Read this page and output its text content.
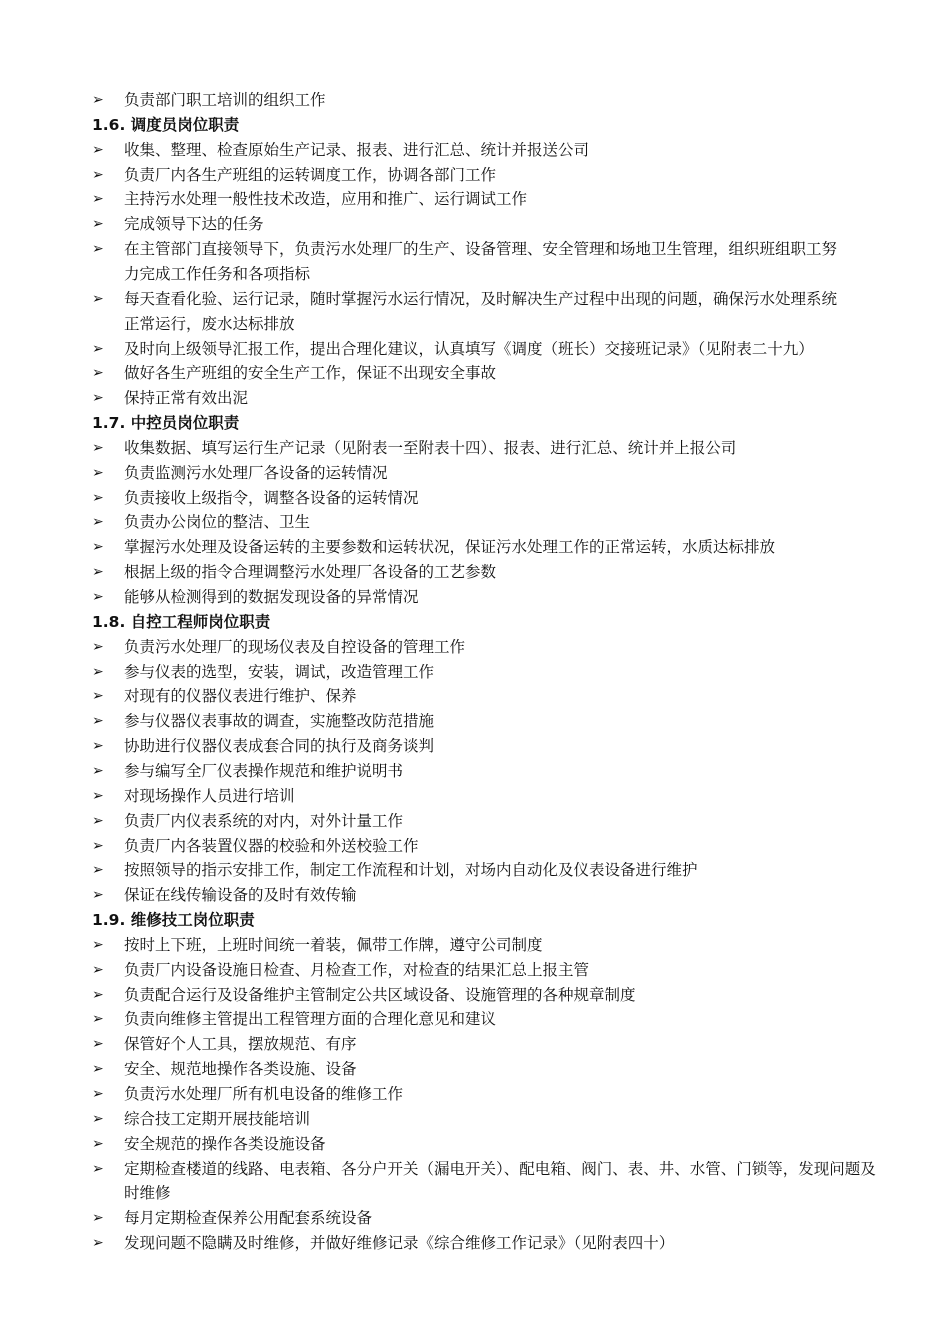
➢	负责部门职工培训的组织工作
1.6. 调度员岗位职责
➢	收集、整理、检查原始生产记录、报表、进行汇总、统计并报送公司
➢	负责厂内各生产班组的运转调度工作，协调各部门工作
➢	主持污水处理一般性技术改造，应用和推广、运行调试工作
➢	完成领导下达的任务
➢	在主管部门直接领导下，负责污水处理厂的生产、设备管理、安全管理和场地卫生管理，组织班组职工努
力完成工作任务和各项指标
➢	每天查看化验、运行记录，随时掌握污水运行情况，及时解决生产过程中出现的问题，确保污水处理系统
正常运行，废水达标排放
➢	及时向上级领导汇报工作，提出合理化建议，认真填写《调度（班长）交接班记录》（见附表二十九）
➢	做好各生产班组的安全生产工作，保证不出现安全事故
➢	保持正常有效出泥
1.7. 中控员岗位职责
➢	收集数据、填写运行生产记录（见附表一至附表十四）、报表、进行汇总、统计并上报公司
➢	负责监测污水处理厂各设备的运转情况
➢	负责接收上级指令，调整各设备的运转情况
➢	负责办公岗位的整洁、卫生
➢	掌握污水处理及设备运转的主要参数和运转状况，保证污水处理工作的正常运转，水质达标排放
➢	根据上级的指令合理调整污水处理厂各设备的工艺参数
➢	能够从检测得到的数据发现设备的异常情况
1.8. 自控工程师岗位职责
➢	负责污水处理厂的现场仪表及自控设备的管理工作
➢	参与仪表的选型，安装，调试，改造管理工作
➢	对现有的仪器仪表进行维护、保养
➢	参与仪器仪表事故的调查，实施整改防范措施
➢	协助进行仪器仪表成套合同的执行及商务谈判
➢	参与编写全厂仪表操作规范和维护说明书
➢	对现场操作人员进行培训
➢	负责厂内仪表系统的对内，对外计量工作
➢	负责厂内各装置仪器的校验和外送校验工作
➢	按照领导的指示安排工作，制定工作流程和计划，对场内自动化及仪表设备进行维护
➢	保证在线传输设备的及时有效传输
1.9. 维修技工岗位职责
➢	按时上下班，上班时间统一着装，佩带工作牌，遵守公司制度
➢	负责厂内设备设施日检查、月检查工作，对检查的结果汇总上报主管
➢	负责配合运行及设备维护主管制定公共区域设备、设施管理的各种规章制度
➢	负责向维修主管提出工程管理方面的合理化意见和建议
➢	保管好个人工具，摆放规范、有序
➢	安全、规范地操作各类设施、设备
➢	负责污水处理厂所有机电设备的维修工作
➢	综合技工定期开展技能培训
➢	安全规范的操作各类设施设备
➢	定期检查楼道的线路、电表箱、各分户开关（漏电开关）、配电箱、阀门、表、井、水管、门锁等，发现问题及
时维修
➢	每月定期检查保养公用配套系统设备
➢	发现问题不隐瞒及时维修，并做好维修记录《综合维修工作记录》（见附表四十）
